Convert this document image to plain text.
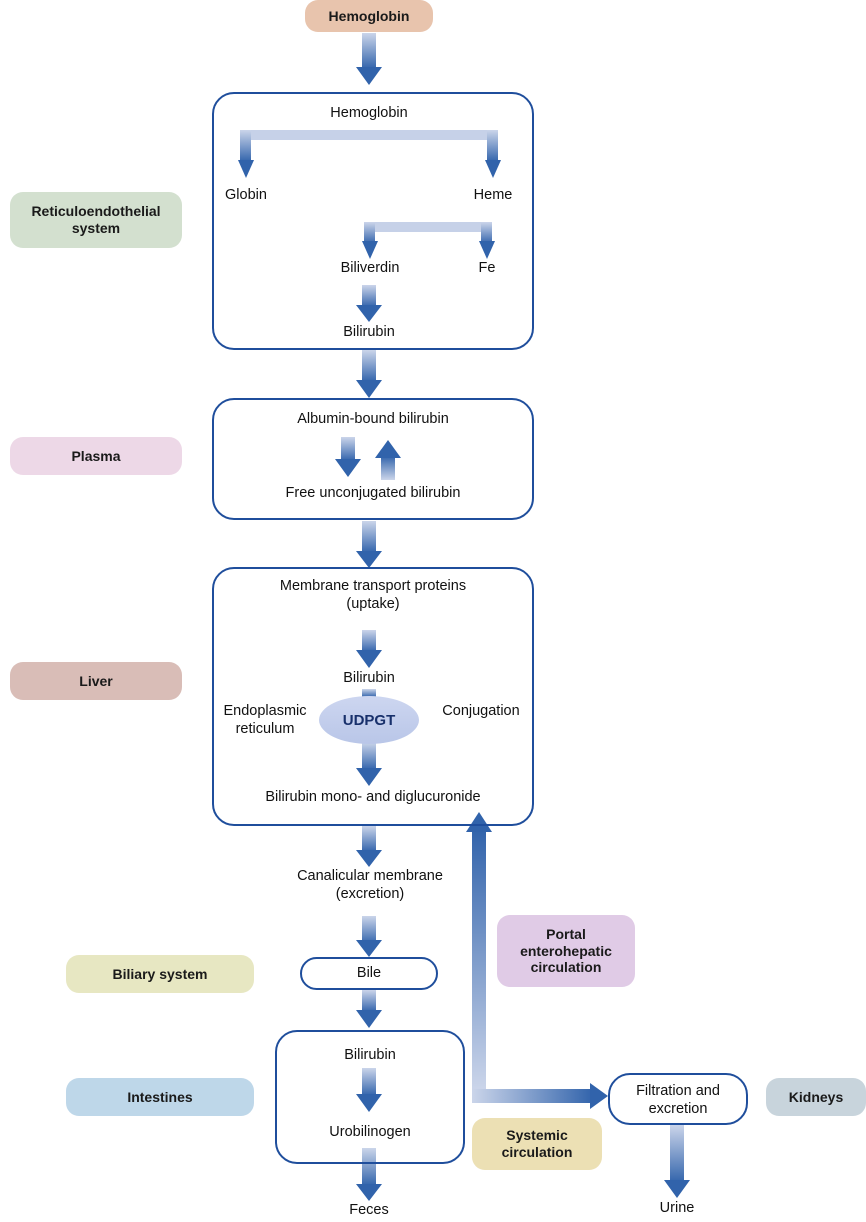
Hemoglobin
Reticuloendothelial
system
Plasma
Liver
Biliary system
Intestines	Kidneys
Portal
enterohepatic
circulation
Systemic
circulation
Hemoglobin
Globin	Heme
Biliverdin	Fe
Bilirubin
Albumin-bound bilirubin
Free unconjugated bilirubin
Membrane transport proteins
(uptake)
Bilirubin
Endoplasmic
reticulum
UDPGT
Conjugation
Bilirubin mono- and diglucuronide
Canalicular membrane
(excretion)
Bile
Bilirubin
Urobilinogen
Feces
Filtration and
excretion
Urine
